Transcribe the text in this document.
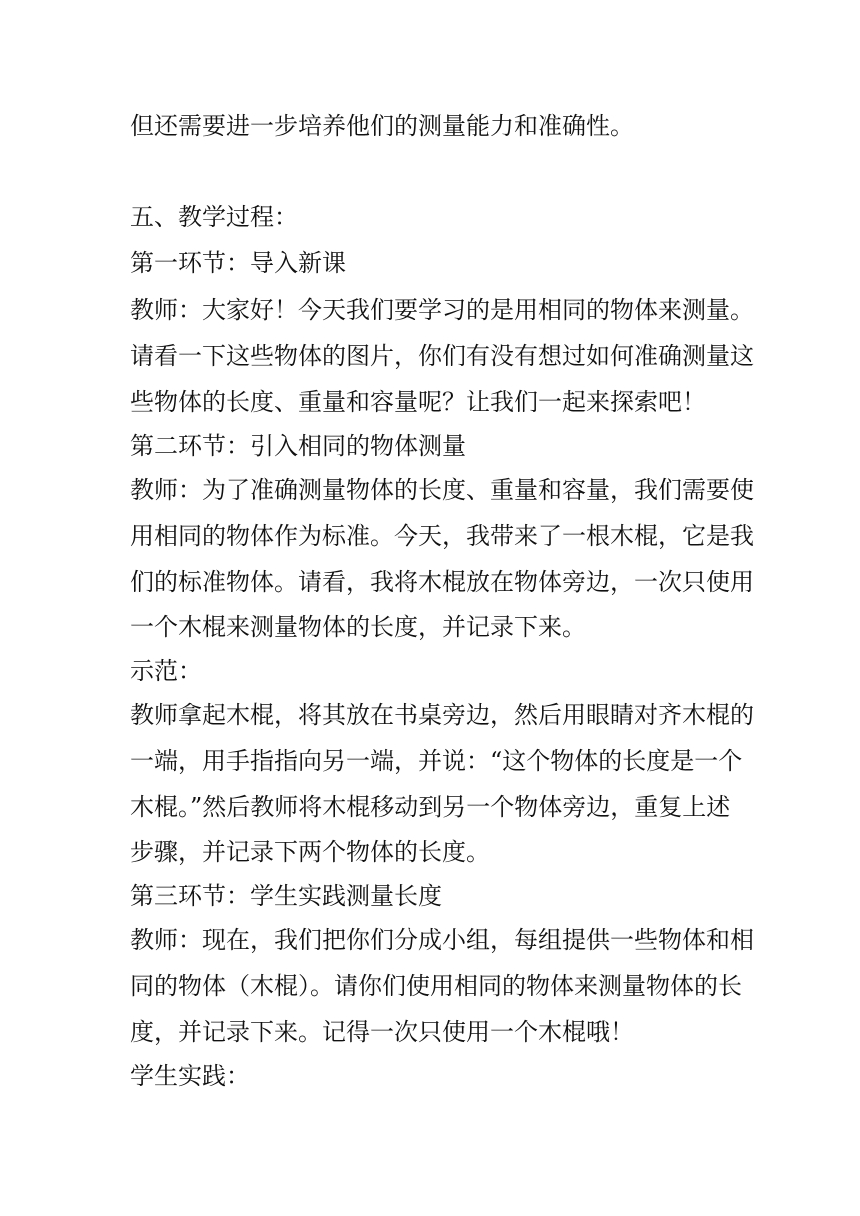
但还需要进一步培养他们的测量能力和准确性。
五、教学过程：
第一环节：导入新课
教师：大家好！今天我们要学习的是用相同的物体来测量。
请看一下这些物体的图片，你们有没有想过如何准确测量这
些物体的长度、重量和容量呢？让我们一起来探索吧！
第二环节：引入相同的物体测量
教师：为了准确测量物体的长度、重量和容量，我们需要使
用相同的物体作为标准。今天，我带来了一根木棍，它是我
们的标准物体。请看，我将木棍放在物体旁边，一次只使用
一个木棍来测量物体的长度，并记录下来。
示范：
教师拿起木棍，将其放在书桌旁边，然后用眼睛对齐木棍的
一端，用手指指向另一端，并说：“这个物体的长度是一个
木棍。”然后教师将木棍移动到另一个物体旁边，重复上述
步骤，并记录下两个物体的长度。
第三环节：学生实践测量长度
教师：现在，我们把你们分成小组，每组提供一些物体和相
同的物体（木棍）。请你们使用相同的物体来测量物体的长
度，并记录下来。记得一次只使用一个木棍哦！
学生实践：
